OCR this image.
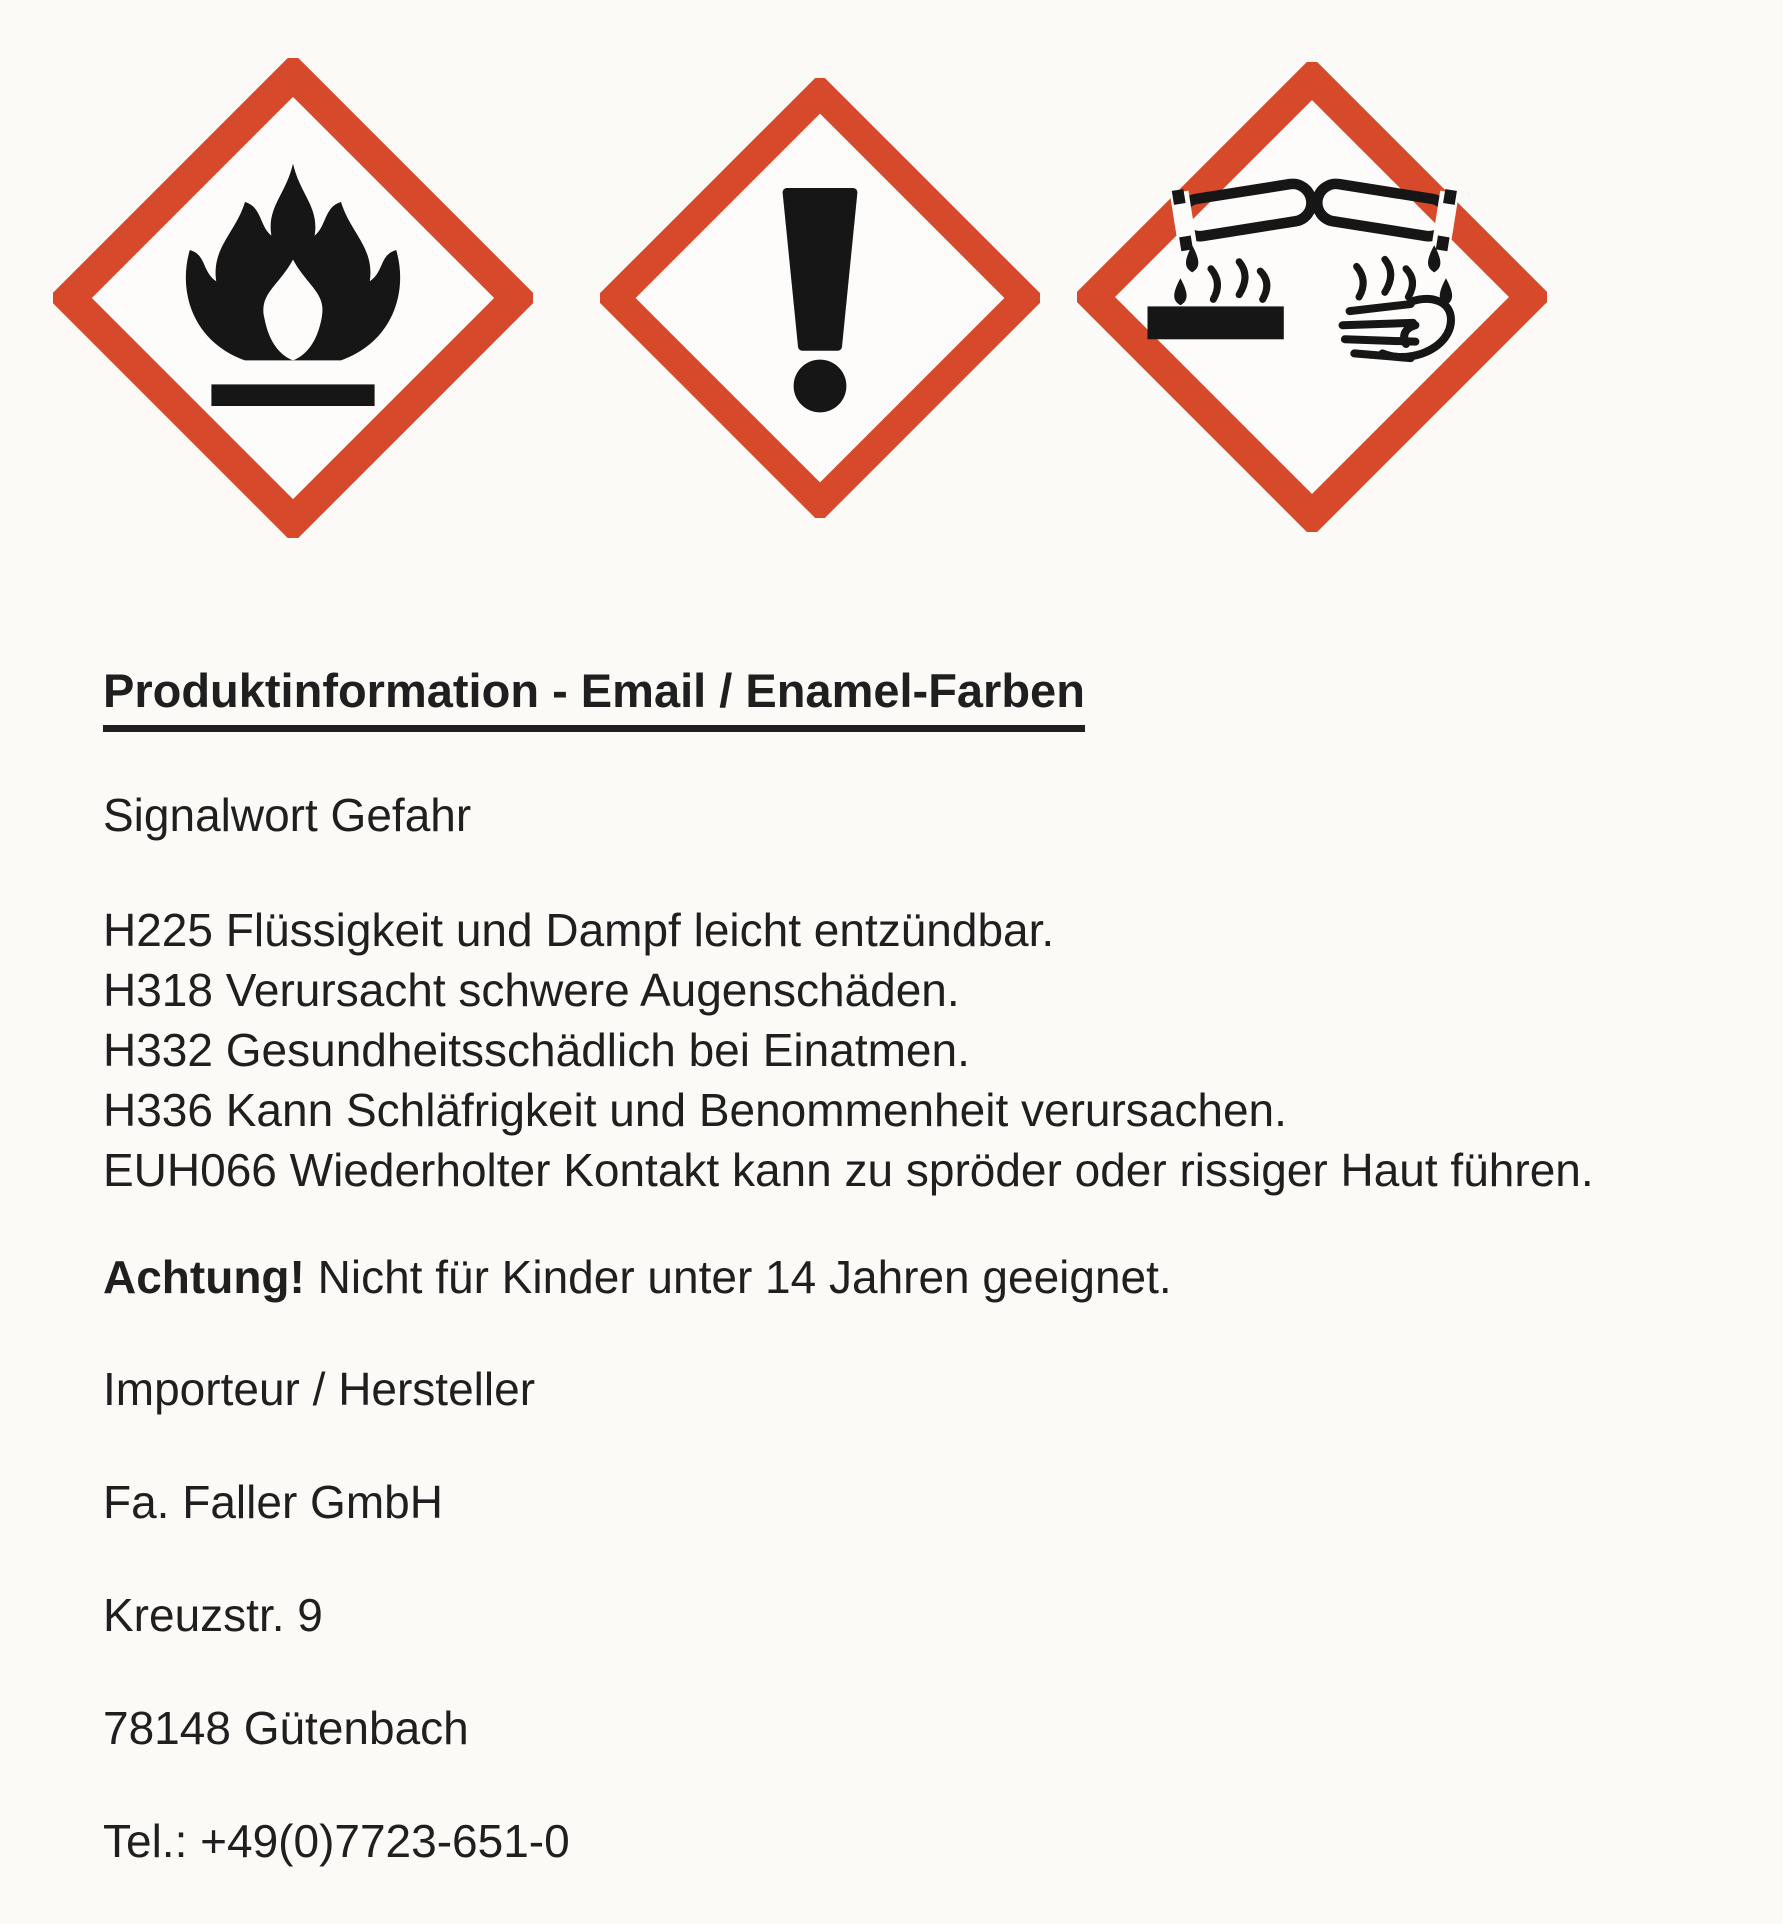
Produktinformation - Email / Enamel-Farben
Signalwort Gefahr
H225 Flüssigkeit und Dampf leicht entzündbar.
H318 Verursacht schwere Augenschäden.
H332 Gesundheitsschädlich bei Einatmen.
H336 Kann Schläfrigkeit und Benommenheit verursachen.
EUH066 Wiederholter Kontakt kann zu spröder oder rissiger Haut führen.
Achtung! Nicht für Kinder unter 14 Jahren geeignet.
Importeur / Hersteller
Fa. Faller GmbH
Kreuzstr. 9
78148 Gütenbach
Tel.: +49(0)7723-651-0
